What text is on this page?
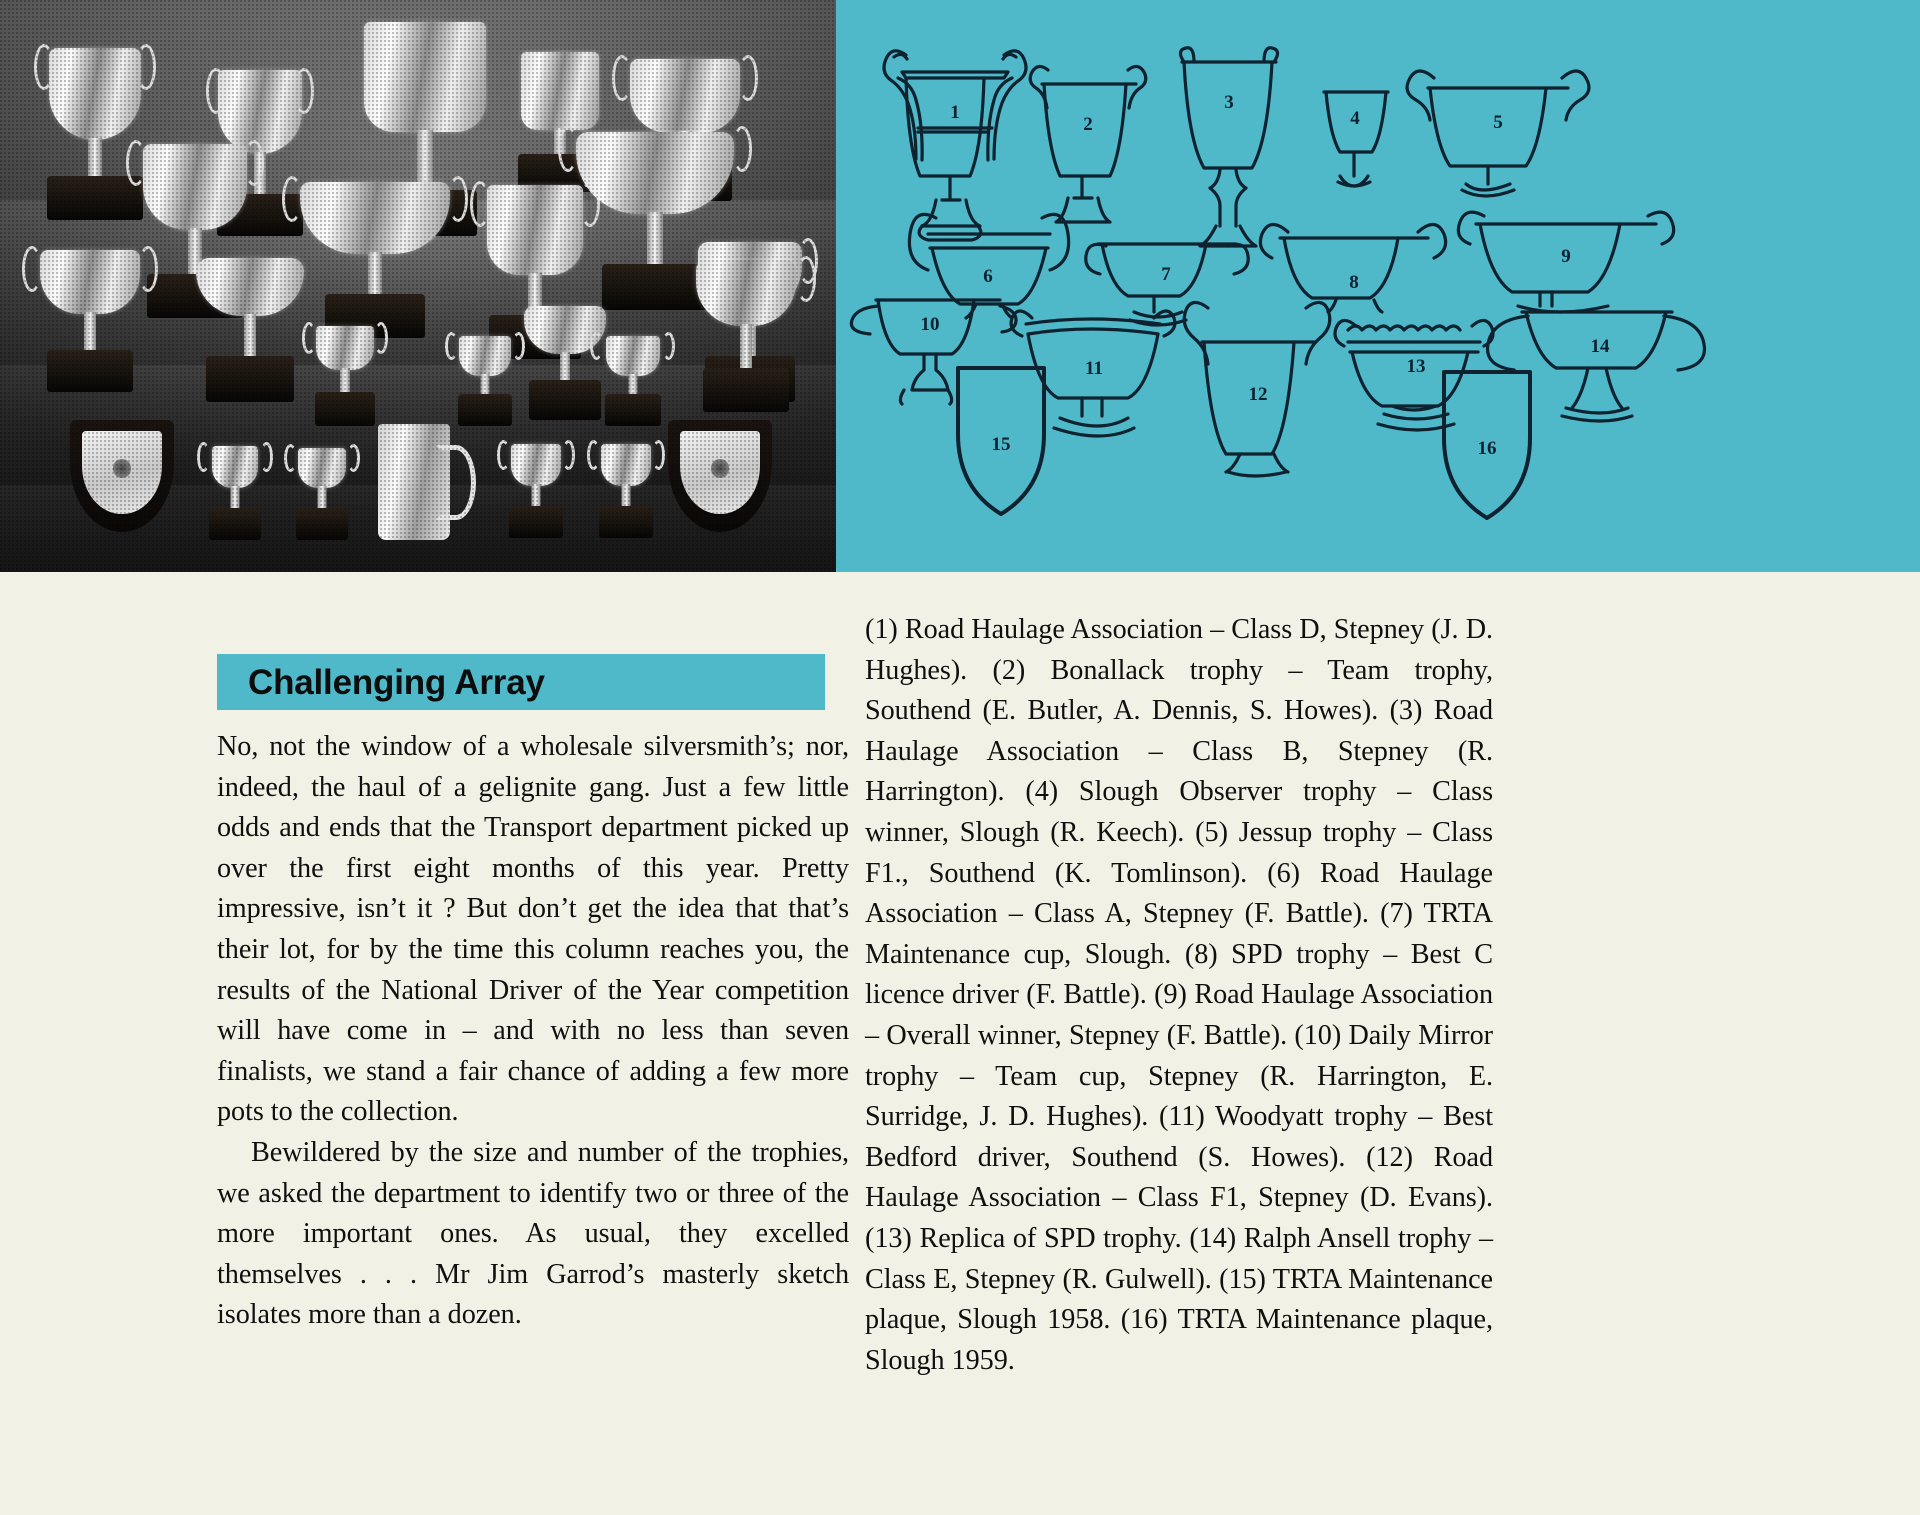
1
2
3
4	5
6	7	8
9
10
11
12
13
14
15	16
Challenging Array

No, not the window of a wholesale silversmith’s; nor, indeed, the haul of a gelignite gang. Just a few little odds and ends that the Transport department picked up over the first eight months of this year. Pretty impressive, isn’t it ? But don’t get the idea that that’s their lot, for by the time this column reaches you, the results of the National Driver of the Year competition will have come in – and with no less than seven finalists, we stand a fair chance of adding a few more pots to the collection.

Bewildered by the size and number of the trophies, we asked the department to identify two or three of the more important ones. As usual, they excelled themselves . . . Mr Jim Garrod’s masterly sketch isolates more than a dozen.

(1) Road Haulage Association – Class D, Stepney (J. D. Hughes). (2) Bonallack trophy – Team trophy, Southend (E. Butler, A. Dennis, S. Howes). (3) Road Haulage Association – Class B, Stepney (R. Harrington). (4) Slough Observer trophy – Class winner, Slough (R. Keech). (5) Jessup trophy – Class F1., Southend (K. Tomlinson). (6) Road Haulage Association – Class A, Stepney (F. Battle). (7) TRTA Maintenance cup, Slough. (8) SPD trophy – Best C licence driver (F. Battle). (9) Road Haulage Association – Overall winner, Stepney (F. Battle). (10) Daily Mirror trophy – Team cup, Stepney (R. Harrington, E. Surridge, J. D. Hughes). (11) Woodyatt trophy – Best Bedford driver, Southend (S. Howes). (12) Road Haulage Association – Class F1, Stepney (D. Evans). (13) Replica of SPD trophy. (14) Ralph Ansell trophy – Class E, Stepney (R. Gulwell). (15) TRTA Maintenance plaque, Slough 1958. (16) TRTA Maintenance plaque, Slough 1959.
